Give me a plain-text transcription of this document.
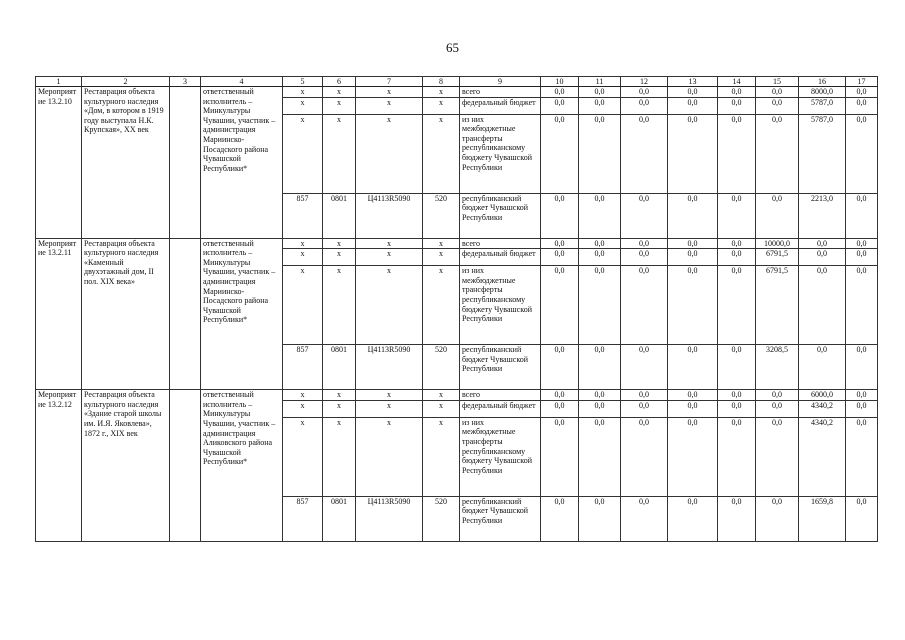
65
1	2	3	4	5	6	7	8	9	10	11	12	13	14	15	16	17
Мероприятие 13.2.10	Реставрация объекта культурного наследия «Дом, в котором в 1919 году выступала Н.К. Крупская», XX век		ответственный исполнитель – Минкультуры Чувашии, участник – администрация Мариинско-Посадского района Чувашской Республики*	x	x	x	x	всего	0,0	0,0	0,0	0,0	0,0	0,0	8000,0	0,0
				x	x	x	x	федеральный бюджет	0,0	0,0	0,0	0,0	0,0	0,0	5787,0	0,0
				x	x	x	x	из них межбюджетные трансферты республиканскому бюджету Чувашской Республики	0,0	0,0	0,0	0,0	0,0	0,0	5787,0	0,0
				857	0801	Ц4113R5090	520	республиканский бюджет Чувашской Республики	0,0	0,0	0,0	0,0	0,0	0,0	2213,0	0,0
Мероприятие 13.2.11	Реставрация объекта культурного наследия «Каменный двухэтажный дом, II пол. XIX века»		ответственный исполнитель – Минкультуры Чувашии, участник – администрация Мариинско-Посадского района Чувашской Республики*	x	x	x	x	всего	0,0	0,0	0,0	0,0	0,0	10000,0	0,0	0,0
				x	x	x	x	федеральный бюджет	0,0	0,0	0,0	0,0	0,0	6791,5	0,0	0,0
				x	x	x	x	из них межбюджетные трансферты республиканскому бюджету Чувашской Республики	0,0	0,0	0,0	0,0	0,0	6791,5	0,0	0,0
				857	0801	Ц4113R5090	520	республиканский бюджет Чувашской Республики	0,0	0,0	0,0	0,0	0,0	3208,5	0,0	0,0
Мероприятие 13.2.12	Реставрация объекта культурного наследия «Здание старой школы им. И.Я. Яковлева», 1872 г., XIX век		ответственный исполнитель – Минкультуры Чувашии, участник – администрация Аликовского района Чувашской Республики*	x	x	x	x	всего	0,0	0,0	0,0	0,0	0,0	0,0	6000,0	0,0
				x	x	x	x	федеральный бюджет	0,0	0,0	0,0	0,0	0,0	0,0	4340,2	0,0
				x	x	x	x	из них межбюджетные трансферты республиканскому бюджету Чувашской Республики	0,0	0,0	0,0	0,0	0,0	0,0	4340,2	0,0
				857	0801	Ц4113R5090	520	республиканский бюджет Чувашской Республики	0,0	0,0	0,0	0,0	0,0	0,0	1659,8	0,0
